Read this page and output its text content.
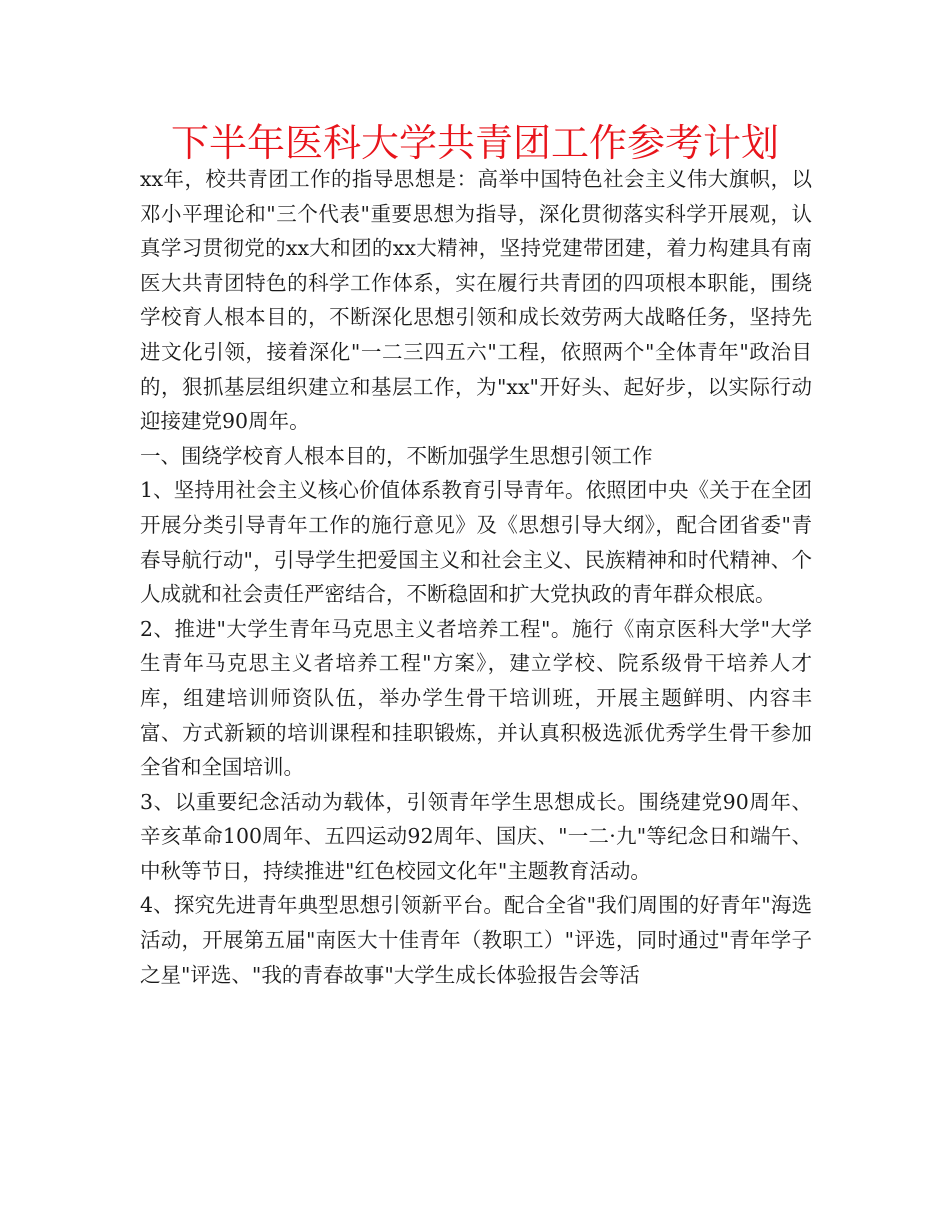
下半年医科大学共青团工作参考计划

xx年，校共青团工作的指导思想是：高举中国特色社会主义伟大旗帜，以邓小平理论和"三个代表"重要思想为指导，深化贯彻落实科学开展观，认真学习贯彻党的xx大和团的xx大精神，坚持党建带团建，着力构建具有南医大共青团特色的科学工作体系，实在履行共青团的四项根本职能，围绕学校育人根本目的，不断深化思想引领和成长效劳两大战略任务，坚持先进文化引领，接着深化"一二三四五六"工程，依照两个"全体青年"政治目的，狠抓基层组织建立和基层工作，为"xx"开好头、起好步，以实际行动迎接建党90周年。

一、围绕学校育人根本目的，不断加强学生思想引领工作

1、坚持用社会主义核心价值体系教育引导青年。依照团中央《关于在全团开展分类引导青年工作的施行意见》及《思想引导大纲》，配合团省委"青春导航行动"，引导学生把爱国主义和社会主义、民族精神和时代精神、个人成就和社会责任严密结合，不断稳固和扩大党执政的青年群众根底。

2、推进"大学生青年马克思主义者培养工程"。施行《南京医科大学"大学生青年马克思主义者培养工程"方案》，建立学校、院系级骨干培养人才库，组建培训师资队伍，举办学生骨干培训班，开展主题鲜明、内容丰富、方式新颖的培训课程和挂职锻炼，并认真积极选派优秀学生骨干参加全省和全国培训。

3、以重要纪念活动为载体，引领青年学生思想成长。围绕建党90周年、辛亥革命100周年、五四运动92周年、国庆、"一二·九"等纪念日和端午、中秋等节日，持续推进"红色校园文化年"主题教育活动。

4、探究先进青年典型思想引领新平台。配合全省"我们周围的好青年"海选活动，开展第五届"南医大十佳青年（教职工）"评选，同时通过"青年学子之星"评选、"我的青春故事"大学生成长体验报告会等活
